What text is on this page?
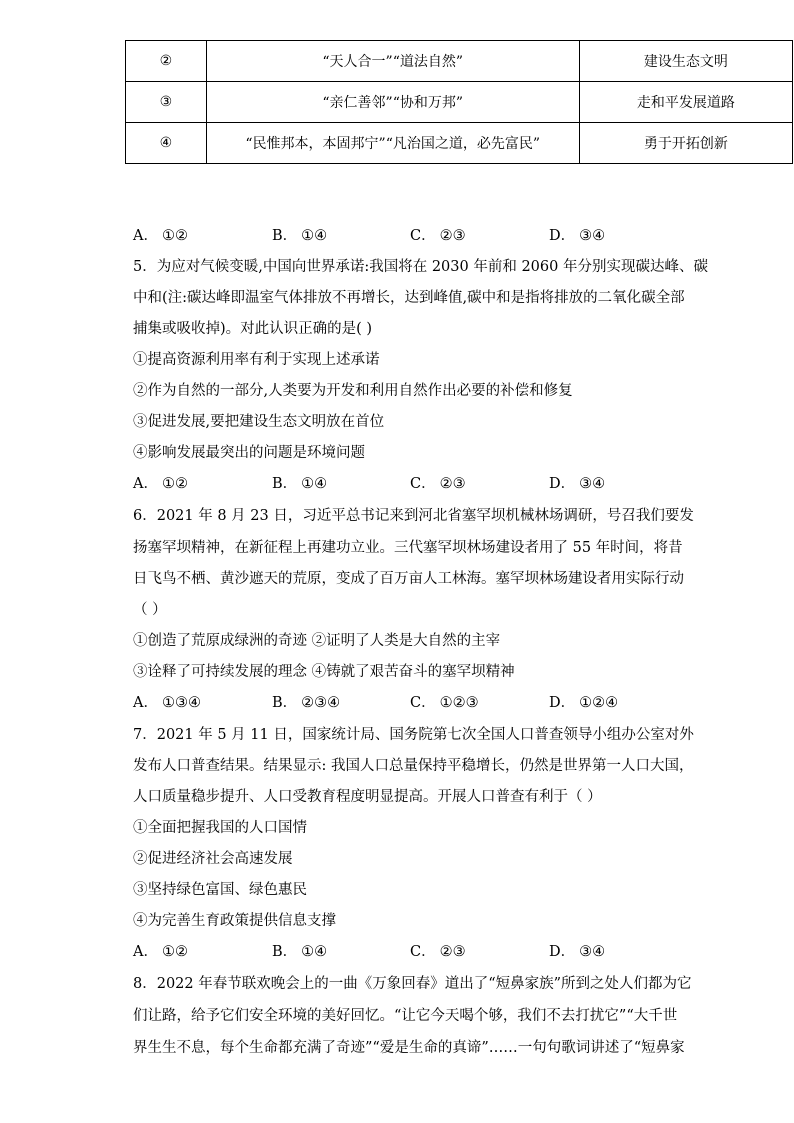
②	“天人合一”“道法自然”	建设生态文明
③	“亲仁善邻”“协和万邦”	走和平发展道路
④	“民惟邦本，本固邦宁”“凡治国之道，必先富民”	勇于开拓创新
A． ①②	B． ①④	C． ②③	D． ③④
5．为应对气候变暖,中国向世界承诺:我国将在 2030 年前和 2060 年分别实现碳达峰、碳
中和(注:碳达峰即温室气体排放不再增长，达到峰值,碳中和是指将排放的二氧化碳全部
捕集或吸收掉)。对此认识正确的是( )
①提高资源利用率有利于实现上述承诺
②作为自然的一部分,人类要为开发和利用自然作出必要的补偿和修复
③促进发展,要把建设生态文明放在首位
④影响发展最突出的问题是环境问题
A． ①②	B． ①④	C． ②③	D． ③④
6．2021 年 8 月 23 日，习近平总书记来到河北省塞罕坝机械林场调研，号召我们要发
扬塞罕坝精神，在新征程上再建功立业。三代塞罕坝林场建设者用了 55 年时间，将昔
日飞鸟不栖、黄沙遮天的荒原，变成了百万亩人工林海。塞罕坝林场建设者用实际行动
（ ）
①创造了荒原成绿洲的奇迹 ②证明了人类是大自然的主宰
③诠释了可持续发展的理念 ④铸就了艰苦奋斗的塞罕坝精神
A． ①③④	B． ②③④	C． ①②③	D． ①②④
7．2021 年 5 月 11 日，国家统计局、国务院第七次全国人口普查领导小组办公室对外
发布人口普查结果。结果显示: 我国人口总量保持平稳增长，仍然是世界第一人口大国，
人口质量稳步提升、人口受教育程度明显提高。开展人口普查有利于（ ）
①全面把握我国的人口国情
②促进经济社会高速发展
③坚持绿色富国、绿色惠民
④为完善生育政策提供信息支撑
A． ①②	B． ①④	C． ②③	D． ③④
8．2022 年春节联欢晚会上的一曲《万象回春》道出了“短鼻家族”所到之处人们都为它
们让路，给予它们安全环境的美好回忆。“让它今天喝个够，我们不去打扰它”“大千世
界生生不息，每个生命都充满了奇迹”“爱是生命的真谛”……一句句歌词讲述了“短鼻家
